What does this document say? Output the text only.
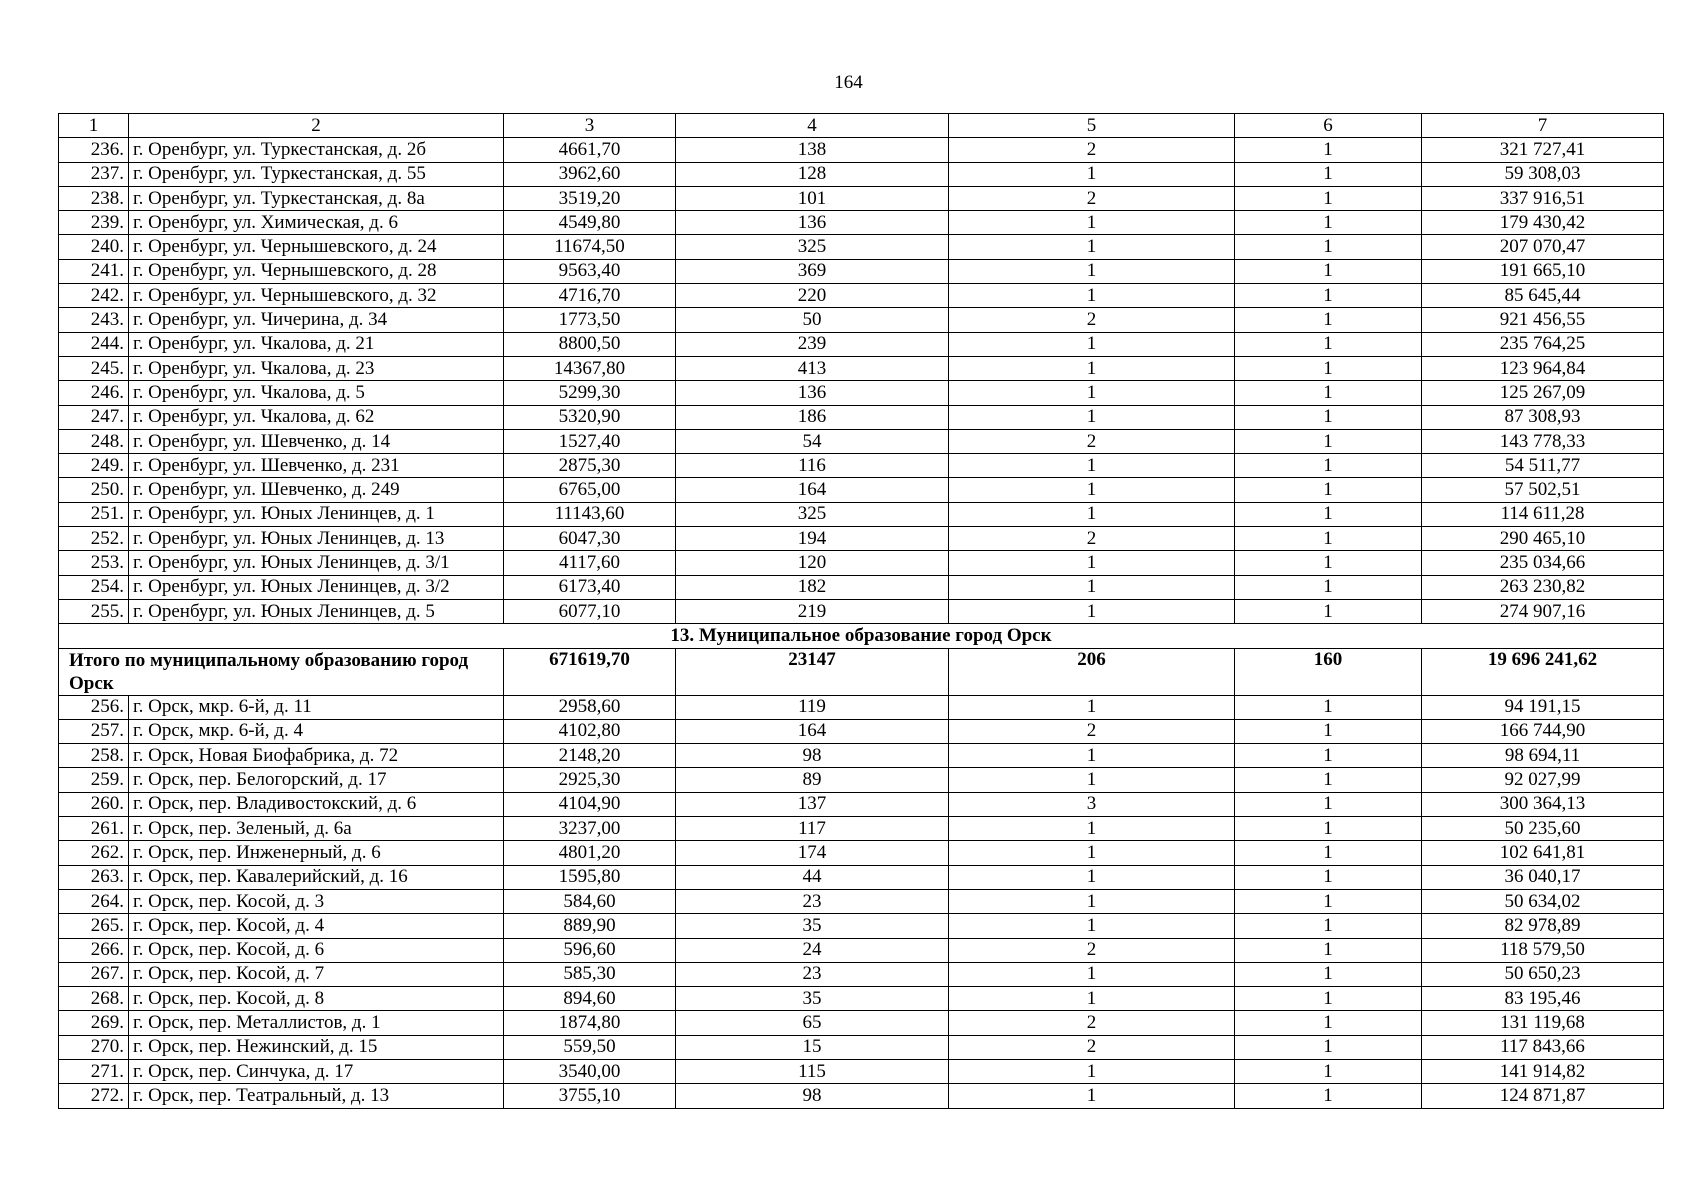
164
1	2	3	4	5	6	7
236.	г. Оренбург, ул. Туркестанская, д. 2б	4661,70	138	2	1	321 727,41
237.	г. Оренбург, ул. Туркестанская, д. 55	3962,60	128	1	1	59 308,03
238.	г. Оренбург, ул. Туркестанская, д. 8а	3519,20	101	2	1	337 916,51
239.	г. Оренбург, ул. Химическая, д. 6	4549,80	136	1	1	179 430,42
240.	г. Оренбург, ул. Чернышевского, д. 24	11674,50	325	1	1	207 070,47
241.	г. Оренбург, ул. Чернышевского, д. 28	9563,40	369	1	1	191 665,10
242.	г. Оренбург, ул. Чернышевского, д. 32	4716,70	220	1	1	85 645,44
243.	г. Оренбург, ул. Чичерина, д. 34	1773,50	50	2	1	921 456,55
244.	г. Оренбург, ул. Чкалова, д. 21	8800,50	239	1	1	235 764,25
245.	г. Оренбург, ул. Чкалова, д. 23	14367,80	413	1	1	123 964,84
246.	г. Оренбург, ул. Чкалова, д. 5	5299,30	136	1	1	125 267,09
247.	г. Оренбург, ул. Чкалова, д. 62	5320,90	186	1	1	87 308,93
248.	г. Оренбург, ул. Шевченко, д. 14	1527,40	54	2	1	143 778,33
249.	г. Оренбург, ул. Шевченко, д. 231	2875,30	116	1	1	54 511,77
250.	г. Оренбург, ул. Шевченко, д. 249	6765,00	164	1	1	57 502,51
251.	г. Оренбург, ул. Юных Ленинцев, д. 1	11143,60	325	1	1	114 611,28
252.	г. Оренбург, ул. Юных Ленинцев, д. 13	6047,30	194	2	1	290 465,10
253.	г. Оренбург, ул. Юных Ленинцев, д. 3/1	4117,60	120	1	1	235 034,66
254.	г. Оренбург, ул. Юных Ленинцев, д. 3/2	6173,40	182	1	1	263 230,82
255.	г. Оренбург, ул. Юных Ленинцев, д. 5	6077,10	219	1	1	274 907,16
13. Муниципальное образование город Орск						
Итого по муниципальному образованию город Орск		671619,70	23147	206	160	19 696 241,62
256.	г. Орск, мкр. 6-й, д. 11	2958,60	119	1	1	94 191,15
257.	г. Орск, мкр. 6-й, д. 4	4102,80	164	2	1	166 744,90
258.	г. Орск, Новая Биофабрика, д. 72	2148,20	98	1	1	98 694,11
259.	г. Орск, пер. Белогорский, д. 17	2925,30	89	1	1	92 027,99
260.	г. Орск, пер. Владивостокский, д. 6	4104,90	137	3	1	300 364,13
261.	г. Орск, пер. Зеленый, д. 6а	3237,00	117	1	1	50 235,60
262.	г. Орск, пер. Инженерный, д. 6	4801,20	174	1	1	102 641,81
263.	г. Орск, пер. Кавалерийский, д. 16	1595,80	44	1	1	36 040,17
264.	г. Орск, пер. Косой, д. 3	584,60	23	1	1	50 634,02
265.	г. Орск, пер. Косой, д. 4	889,90	35	1	1	82 978,89
266.	г. Орск, пер. Косой, д. 6	596,60	24	2	1	118 579,50
267.	г. Орск, пер. Косой, д. 7	585,30	23	1	1	50 650,23
268.	г. Орск, пер. Косой, д. 8	894,60	35	1	1	83 195,46
269.	г. Орск, пер. Металлистов, д. 1	1874,80	65	2	1	131 119,68
270.	г. Орск, пер. Нежинский, д. 15	559,50	15	2	1	117 843,66
271.	г. Орск, пер. Синчука, д. 17	3540,00	115	1	1	141 914,82
272.	г. Орск, пер. Театральный, д. 13	3755,10	98	1	1	124 871,87
